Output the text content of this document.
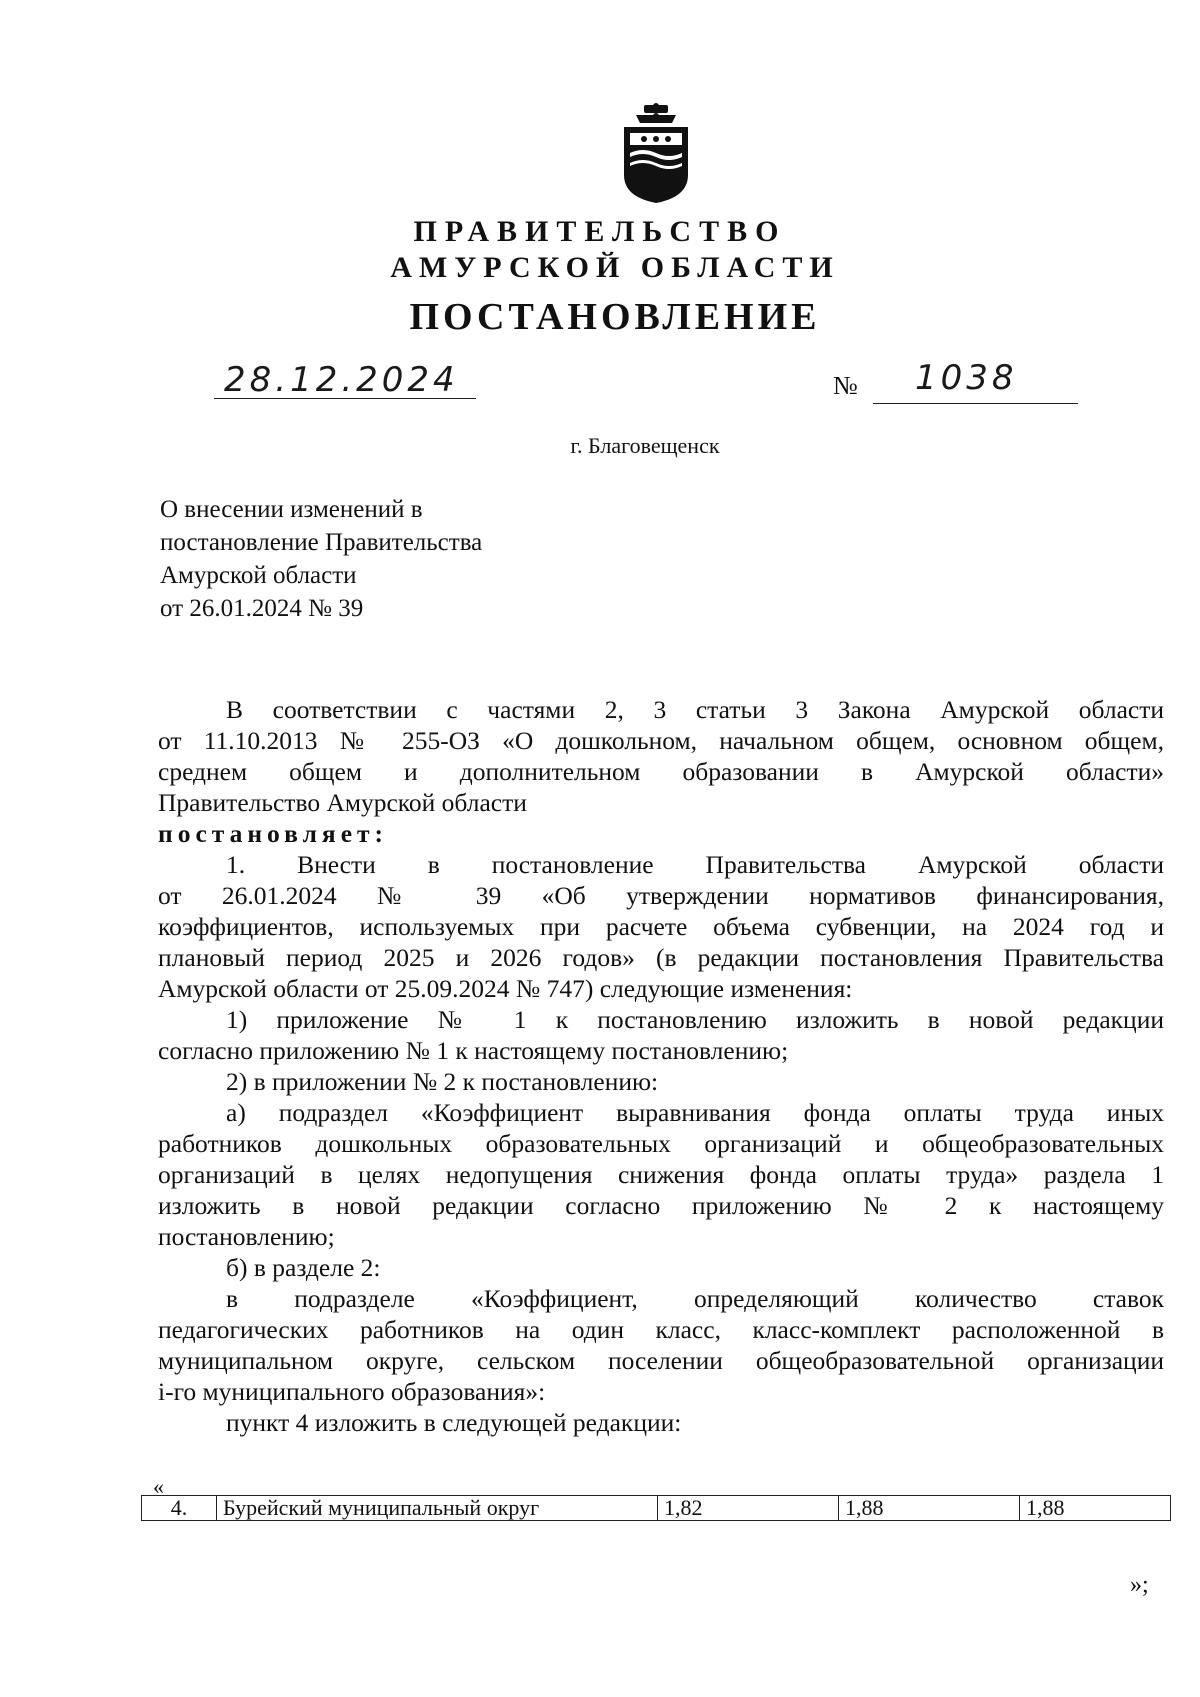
ПРАВИТЕЛЬСТВО
АМУРСКОЙ ОБЛАСТИ
ПОСТАНОВЛЕНИЕ
28.12.2024	№ 1038
г. Благовещенск
О внесении изменений в
постановление Правительства
Амурской области
от 26.01.2024 № 39
В соответствии с частями 2, 3 статьи 3 Закона Амурской области
от 11.10.2013 № 255-ОЗ «О дошкольном, начальном общем, основном общем,
среднем общем и дополнительном образовании в Амурской области»
Правительство Амурской области
постановляет:
1. Внести в постановление Правительства Амурской области
от 26.01.2024 № 39 «Об утверждении нормативов финансирования,
коэффициентов, используемых при расчете объема субвенции, на 2024 год и
плановый период 2025 и 2026 годов» (в редакции постановления Правительства
Амурской области от 25.09.2024 № 747) следующие изменения:
1) приложение № 1 к постановлению изложить в новой редакции
согласно приложению № 1 к настоящему постановлению;
2) в приложении № 2 к постановлению:
а) подраздел «Коэффициент выравнивания фонда оплаты труда иных
работников дошкольных образовательных организаций и общеобразовательных
организаций в целях недопущения снижения фонда оплаты труда» раздела 1
изложить в новой редакции согласно приложению № 2 к настоящему
постановлению;
б) в разделе 2:
в подразделе «Коэффициент, определяющий количество ставок
педагогических работников на один класс, класс-комплект расположенной в
муниципальном округе, сельском поселении общеобразовательной организации
i-го муниципального образования»:
пункт 4 изложить в следующей редакции:
«
4.	Бурейский муниципальный округ	1,82	1,88	1,88
»;
